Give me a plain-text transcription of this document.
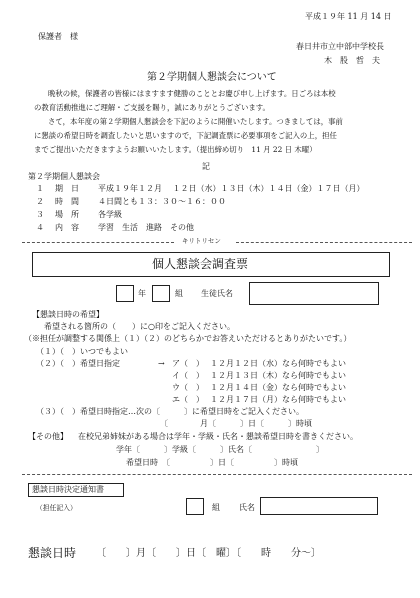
平成１９年 11 月 14 日
保護者　様
春日井市立中部中学校長
木　股　哲　夫
第２学期個人懇談会について
晩秋の候，保護者の皆様にはますます健勝のこととお慶び申し上げます。日ごろは本校
の教育活動推進にご理解・ご支援を賜り，誠にありがとうございます。
さて，本年度の第２学期個人懇談会を下記のように開催いたします。つきましては，事前
に懇談の希望日時を調査したいと思いますので，下記調査票に必要事項をご記入の上，担任
までご提出いただきますようお願いいたします。（提出締め切り　11 月 22 日 木曜）
記
第２学期個人懇談会
１ 期　日 平成１９年１２月　 １２日（水）１３日（木）１４日（金）１７日（月）
２ 時　間 ４日間とも１３：３０～１６：００
３ 場　所 各学級
４ 内　容 学習　生活　進路　その他
キリトリセン
個人懇談会調査票
年	組 生徒氏名
【懇談日時の希望】
希望される箇所の（　　）に○印をご記入ください。
（※担任が調整する関係上（１）（２）のどちらかでお答えいただけるとありがたいです。）
（１）（　）いつでもよい
（２）（　）希望日指定	→ ア（　） １２月１２日（水）なら何時でもよい
イ（　） １２月１３日（木）なら何時でもよい
ウ（　） １２月１４日（金）なら何時でもよい
エ（　） １２月１７日（月）なら何時でもよい
（３）（　）希望日時指定…次の〔　　　〕に希望日時をご記入ください。
〔　　　　月〔　　　〕日〔　　　〕時頃
【その他】 在校兄弟姉妹がある場合は学年・学級・氏名・懇談希望日時を書きください。
学年〔　　　〕学級〔　　　〕氏名〔　　　　　　　　〕
希望日時　〔　　　　　〕日〔　　　　　〕時頃
懇談日時決定通知書
（担任記入）	組 氏名
懇談日時 〔　　〕月〔　　〕日〔　曜〕〔　　時　　分～〕
